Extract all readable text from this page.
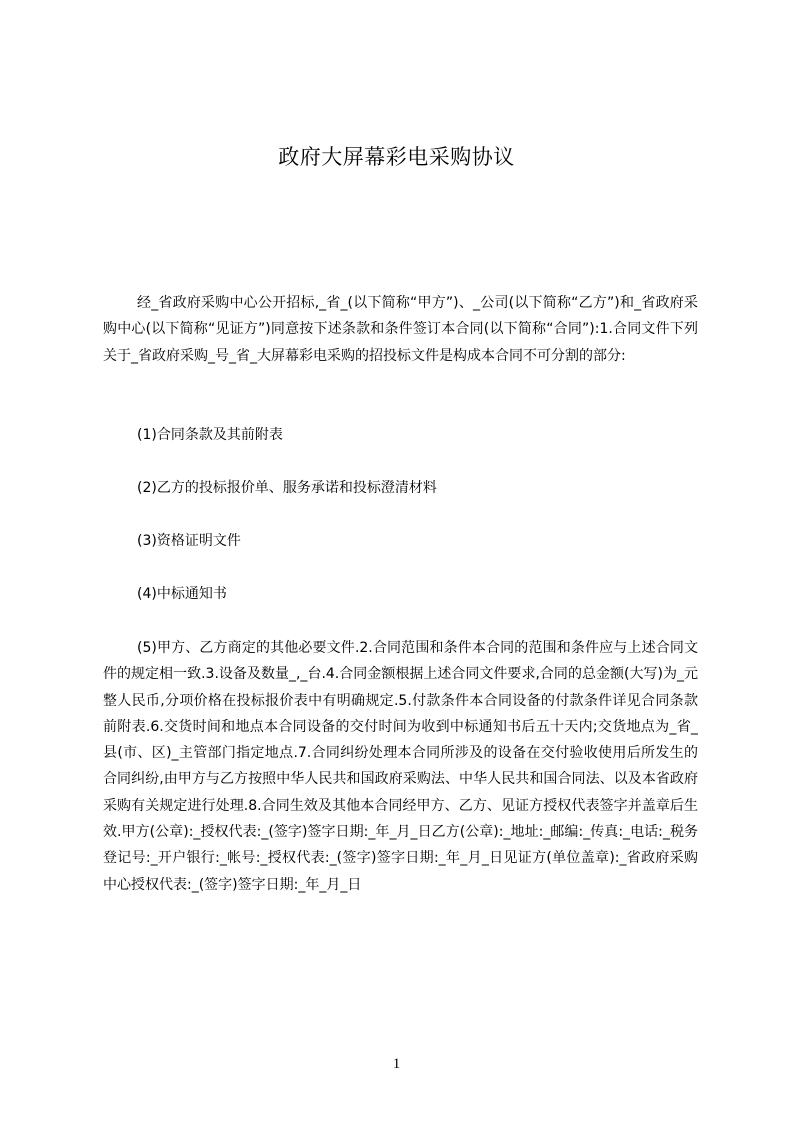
政府大屏幕彩电采购协议

经_省政府采购中心公开招标,_省_(以下简称“甲方”)、_公司(以下简称“乙方”)和_省政府采购中心(以下简称“见证方”)同意按下述条款和条件签订本合同(以下简称“合同”):1.合同文件下列关于_省政府采购_号_省_大屏幕彩电采购的招投标文件是构成本合同不可分割的部分:

(1)合同条款及其前附表

(2)乙方的投标报价单、服务承诺和投标澄清材料

(3)资格证明文件

(4)中标通知书

(5)甲方、乙方商定的其他必要文件.2.合同范围和条件本合同的范围和条件应与上述合同文件的规定相一致.3.设备及数量_,_台.4.合同金额根据上述合同文件要求,合同的总金额(大写)为_元整人民币,分项价格在投标报价表中有明确规定.5.付款条件本合同设备的付款条件详见合同条款前附表.6.交货时间和地点本合同设备的交付时间为收到中标通知书后五十天内;交货地点为_省_县(市、区)_主管部门指定地点.7.合同纠纷处理本合同所涉及的设备在交付验收使用后所发生的合同纠纷,由甲方与乙方按照中华人民共和国政府采购法、中华人民共和国合同法、以及本省政府采购有关规定进行处理.8.合同生效及其他本合同经甲方、乙方、见证方授权代表签字并盖章后生效.甲方(公章):_授权代表:_(签字)签字日期:_年_月_日乙方(公章):_地址:_邮编:_传真:_电话:_税务登记号:_开户银行:_帐号:_授权代表:_(签字)签字日期:_年_月_日见证方(单位盖章):_省政府采购中心授权代表:_(签字)签字日期:_年_月_日

1
